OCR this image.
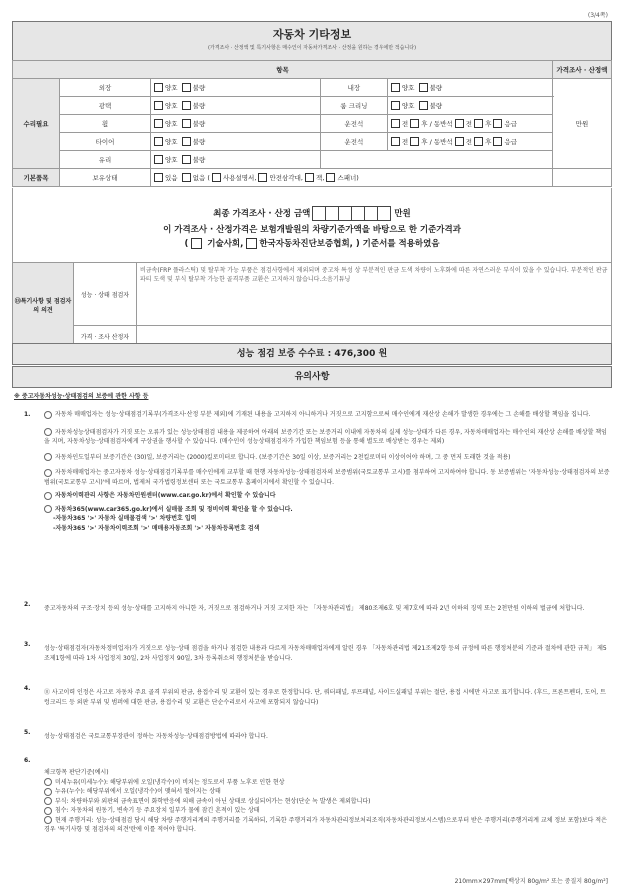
(3/4쪽)
자동차 기타정보
(가격조사 · 산정액 및 특기사항은 매수인이 자동차가격조사 · 산정을 원하는 경우에만 적습니다)
항목					가격조사 · 산정액
수리필요	외장	양호 불량	내장	양호 불량	만원
	광택	양호 불량	룸 크리닝	양호 불량	
	휠	양호 불량	운전석	전 후 / 동반석 전 후 응급	
	타이어	양호 불량	운전석	전 후 / 동반석 전 후 응급	
	유리	양호 불량			
기본품목	보유상태	있음 없음 ( 사용설명서, 안전삼각대, 잭, 스패너)			
최종 가격조사 · 산정 금액	만원
이 가격조사 · 산정가격은 보험개발원의 차량기준가액을 바탕으로 한 기준가격과
( 기술사회, 한국자동차진단보증협회, ) 기준서를 적용하였음
⑬특기사항 및 점검자의 의견	성능 · 상태 점검자	비금속(FRP 플라스틱) 및 탈부착 가능 부품은 점검사항에서 제외되며 중고차 특성 상 부분적인 판금 도색 차량이 노후화에 따른 자연스러운 부식이 있을 수 있습니다. 부분적인 판금 파티 도색 및 부식 탈부착 가능한 골격부품 교환은 고지하지 않습니다.소음기튜닝
	가격 · 조사 산정자	
성능 점검 보증 수수료 : 476,300 원
유의사항
※ 중고자동차성능·상태점검의 보증에 관한 사항 등
1.	자동차 매매업자는 성능·상태점검기록부(가격조사·산정 부분 제외)에 기재된 내용을 고지하지 아니하거나 거짓으로 고지함으로써 매수인에게 재산상 손해가 발생한 경우에는 그 손해를 배상할 책임을 집니다.
자동차성능상태점검자가 거짓 또는 오류가 있는 성능상태점검 내용을 제공하여 아래의 보증기간 또는 보증거리 이내에 자동차의 실제 성능·상태가 다른 경우, 자동차매매업자는 매수인의 재산상 손해를 배상할 책임을 지며, 자동차성능·상태점검자에게 구상권을 행사할 수 있습니다. (매수인이 성능상태점검자가 가입한 책임보험 등을 통해 별도로 배상받는 경우는 제외)
자동차인도일부터 보증기간은 (30)일, 보증거리는 (2000)킬로미터로 합니다. (보증기간은 30일 이상, 보증거리는 2천킬로미터 이상이어야 하며, 그 중 먼저 도래한 것을 적용)
자동차매매업자는 중고자동차 성능·상태점검기록부를 매수인에게 교부할 때 현행 자동차성능·상태점검자의 보증범위(국토교통부 고시)를 첨부하여 고지하여야 합니다. 동 보증범위는 '자동차성능·상태점검자의 보증범위(국토교통부 고시)'에 따르며, 법제처 국가법령정보센터 또는 국토교통부 홈페이지에서 확인할 수 있습니다.
자동차이력관리 사항은 자동차민원센터(www.car.go.kr)에서 확인할 수 있습니다
자동차365(www.car365.go.kr)에서 실매물 조회 및 정비이력 확인을 할 수 있습니다.
-자동차365 '>' 자동차 실매물검색 '>' 차량번호 입력
-자동차365 '>' 자동차이력조회 '>' 매매용자동조회 '>' 자동차등록번호 검색
2.
중고자동차의 구조·장치 등의 성능·상태를 고지하지 아니한 자, 거짓으로 점검하거나 거짓 고지한 자는 「자동차관리법」 제80조제6호 및 제7호에 따라 2년 이하의 징역 또는 2천만원 이하의 벌금에 처합니다.
3.
성능·상태점검자(자동차정비업자)가 거짓으로 성능·상태 점검을 하거나 점검한 내용과 다르게 자동차매매업자에게 알린 경우 「자동차관리법 제21조제2항 등의 규정에 따른 행정처분의 기준과 절차에 관한 규칙」 제5조제1항에 따라 1차 사업정지 30일, 2차 사업정지 90일, 3차 등록취소의 행정처분을 받습니다.
4.
⑪ 사고이력 인정은 사고로 자동차 주요 골격 부위의 판금, 용접수리 및 교환이 있는 경우로 한정합니다. 단, 쿼터패널, 루프패널, 사이드실패널 부위는 절단, 용접 시에만 사고로 표기합니다. (후드, 프론트펜더, 도어, 트렁크리드 등 외판 부위 및 범퍼에 대한 판금, 용접수리 및 교환은 단순수리로서 사고에 포함되지 않습니다)
5.
성능·상태점검은 국토교통부장관이 정하는 자동차성능·상태점검방법에 따라야 합니다.
6.
체크항목 판단기준(예시)
미세누유(미세누수): 해당부위에 오일(냉각수)이 비치는 정도로서 부품 노후로 인한 현상
누유(누수): 해당부위에서 오일(냉각수)이 맺혀서 떨어지는 상태
부식: 차량하부와 외판의 금속표면이 화학반응에 의해 금속이 아닌 상태로 상실되어가는 현상(단순 녹 발생은 제외합니다)
침수: 자동차의 원동기, 변속기 등 주요장치 일부가 물에 잠긴 흔적이 있는 상태
현재 주행거리: 성능·상태점검 당시 해당 차량 주행거리계의 주행거리를 기록하되, 기록한 주행거리가 자동차관리정보처리조직(자동차관리정보시스템)으로부터 받은 주행거리(주행거리계 교체 정보 포함)보다 적은 경우 '특기사항 및 점검자의 의견'란에 이를 적어야 합니다.
210mm×297mm[백상지 80g/m² 또는 중질지 80g/m²]
